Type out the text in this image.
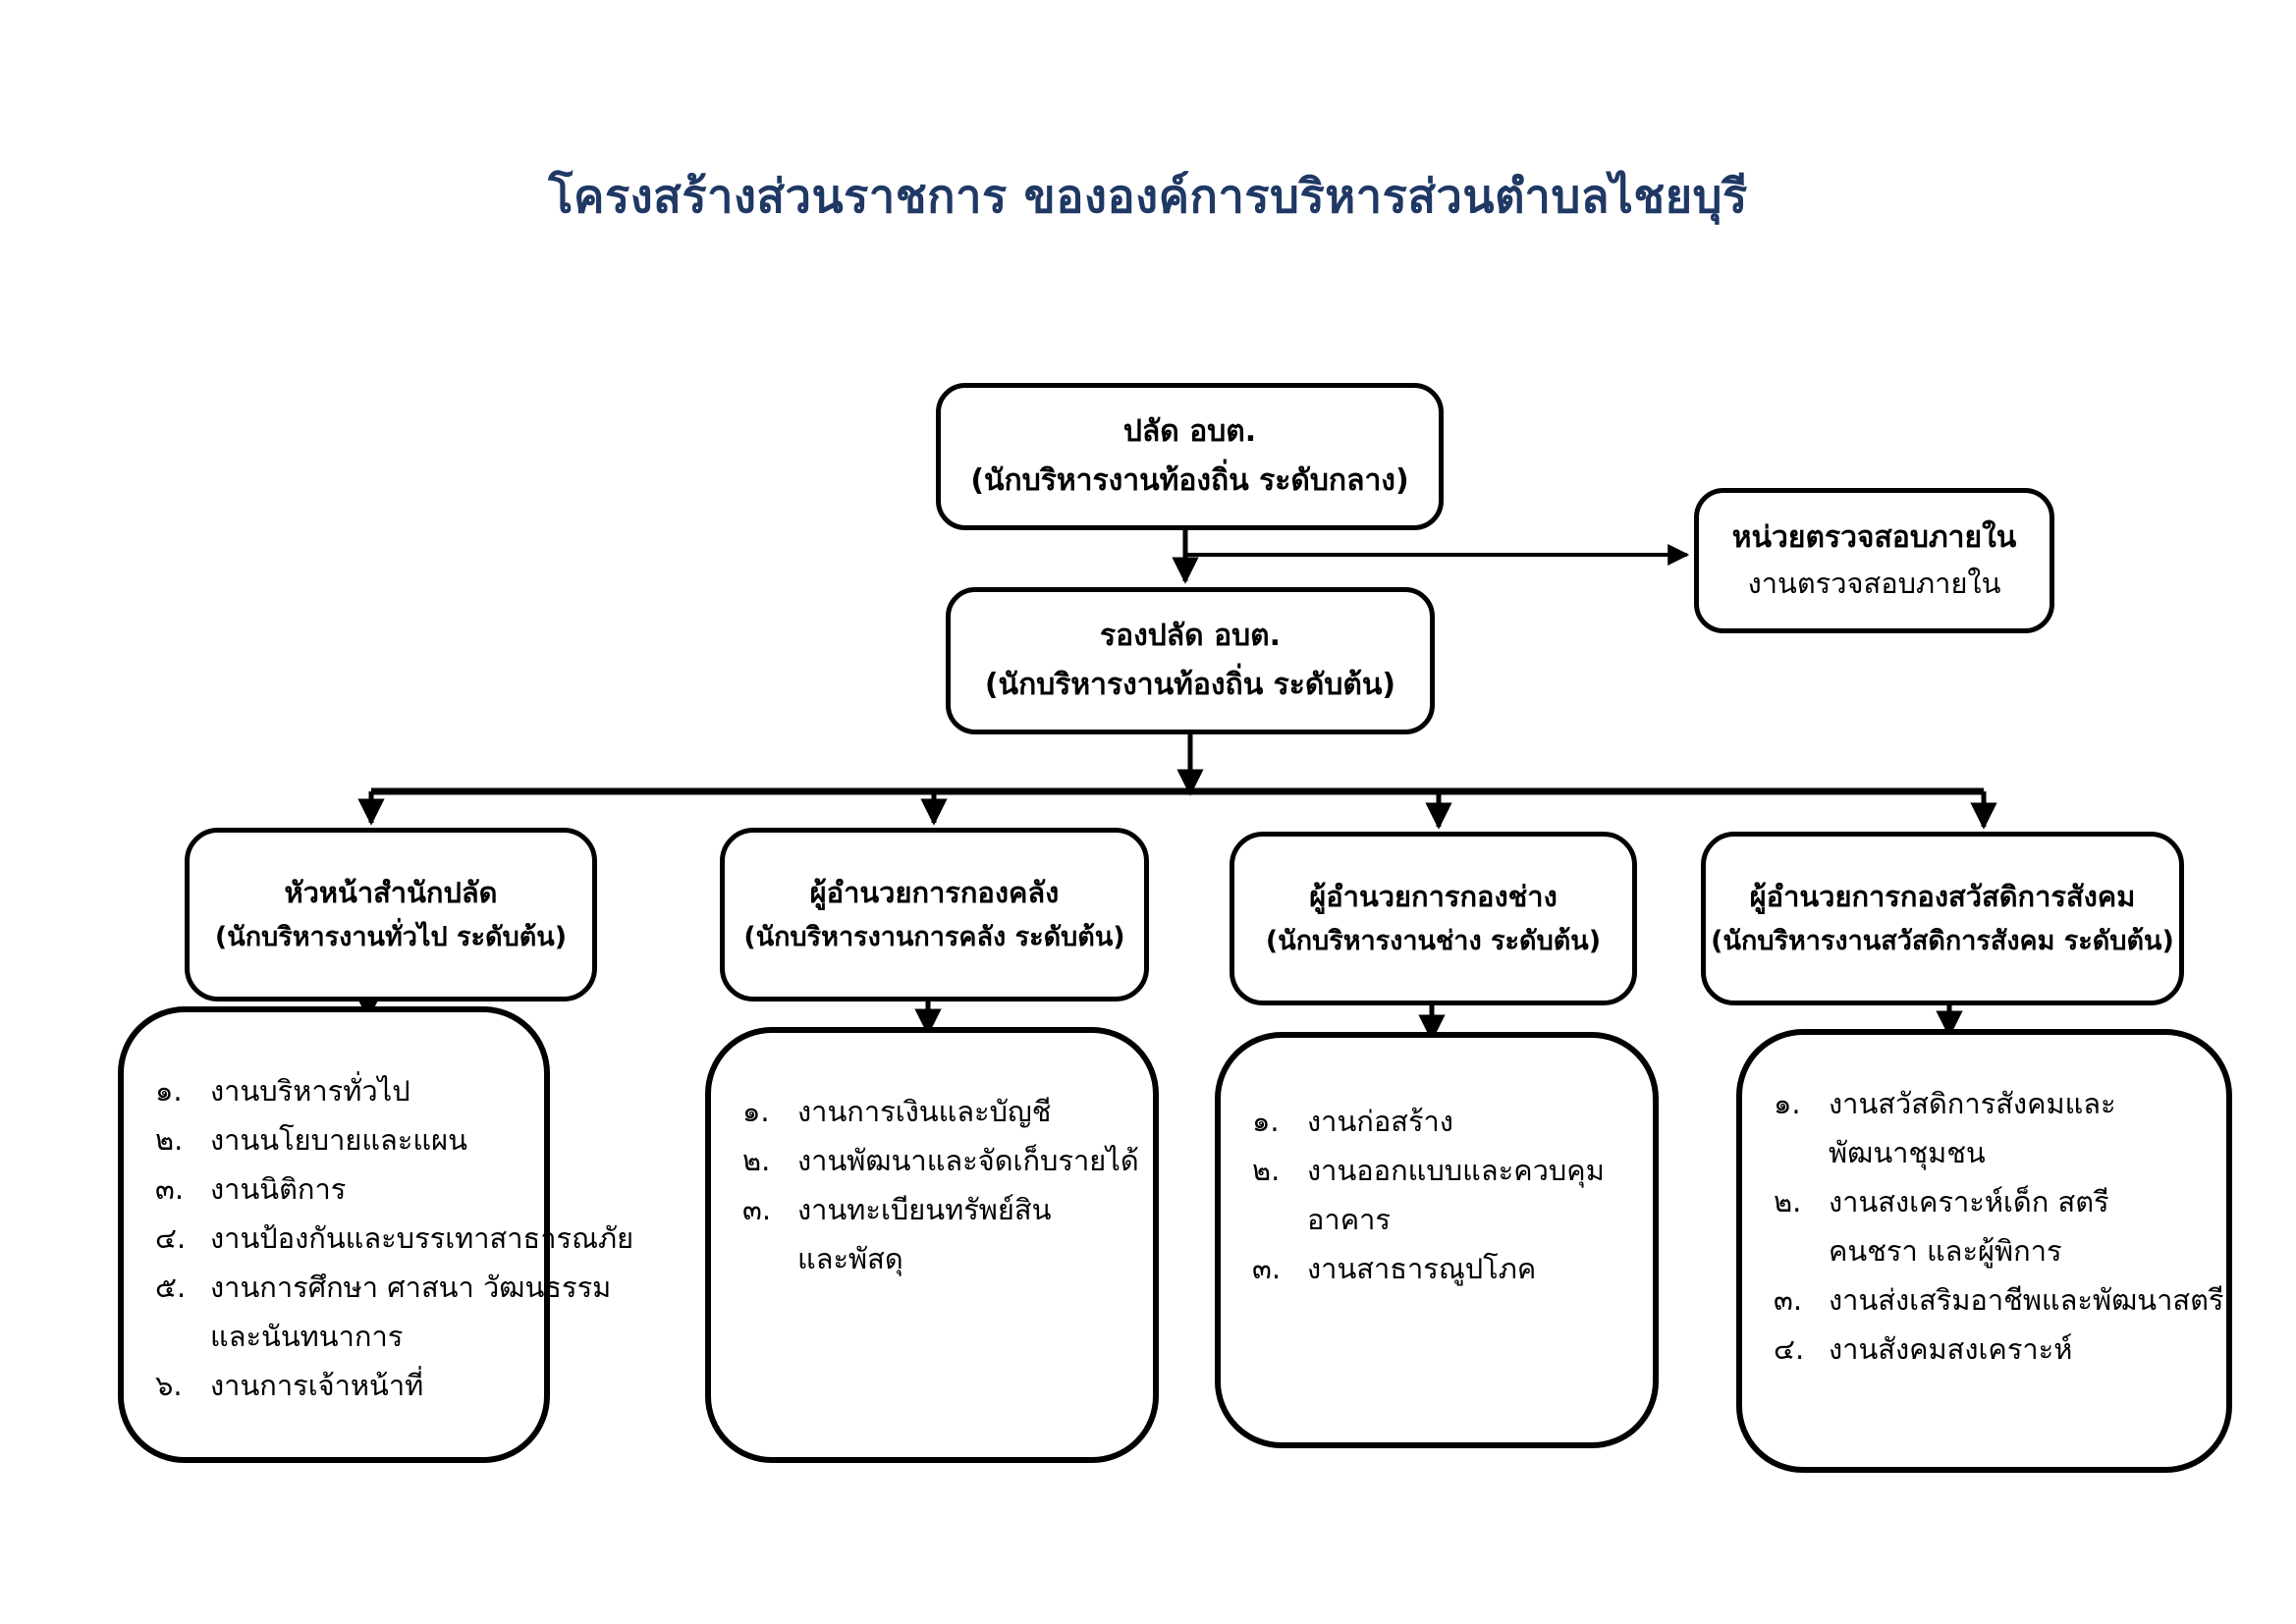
โครงสร้างส่วนราชการ ขององค์การบริหารส่วนตำบลไชยบุรี
ปลัด อบต.
(นักบริหารงานท้องถิ่น ระดับกลาง)
หน่วยตรวจสอบภายใน
งานตรวจสอบภายใน
รองปลัด อบต.
(นักบริหารงานท้องถิ่น ระดับต้น)
หัวหน้าสำนักปลัด
(นักบริหารงานทั่วไป ระดับต้น)
ผู้อำนวยการกองคลัง
(นักบริหารงานการคลัง ระดับต้น)
ผู้อำนวยการกองช่าง
(นักบริหารงานช่าง ระดับต้น)
ผู้อำนวยการกองสวัสดิการสังคม
(นักบริหารงานสวัสดิการสังคม ระดับต้น)
๑. งานบริหารทั่วไป
๒. งานนโยบายและแผน
๓. งานนิติการ
๔. งานป้องกันและบรรเทาสาธารณภัย
๕. งานการศึกษา ศาสนา วัฒนธรรม
และนันทนาการ
๖. งานการเจ้าหน้าที่
๑. งานการเงินและบัญชี
๒. งานพัฒนาและจัดเก็บรายได้
๓. งานทะเบียนทรัพย์สิน
และพัสดุ
๑. งานก่อสร้าง
๒. งานออกแบบและควบคุม
อาคาร
๓. งานสาธารณูปโภค
๑. งานสวัสดิการสังคมและ
พัฒนาชุมชน
๒. งานสงเคราะห์เด็ก สตรี
คนชรา และผู้พิการ
๓. งานส่งเสริมอาชีพและพัฒนาสตรี
๔. งานสังคมสงเคราะห์
